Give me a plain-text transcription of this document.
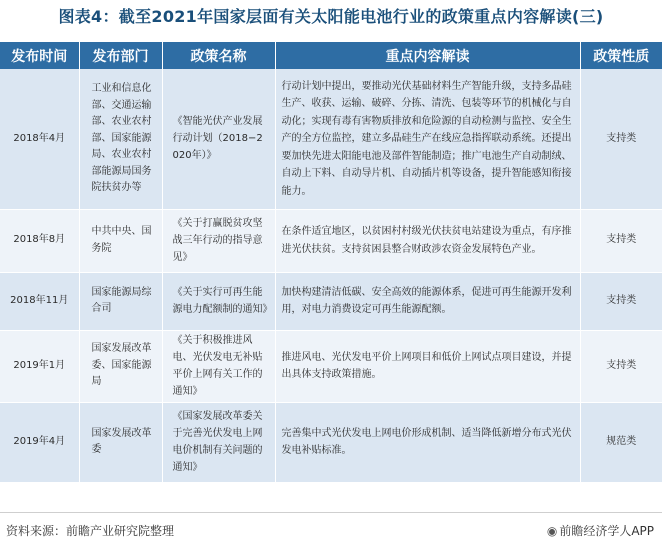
图表4：截至2021年国家层面有关太阳能电池行业的政策重点内容解读(三)
发布时间	发布部门	政策名称	重点内容解读	政策性质
2018年4月	工业和信息化部、交通运输部、农业农村部、国家能源局、农业农村部能源局国务院扶贫办等	《智能光伏产业发展行动计划（2018−2020年）》	行动计划中提出，要推动光伏基础材料生产智能升级，支持多晶硅生产、收获、运输、破碎、分拣、清洗、包装等环节的机械化与自动化；实现有毒有害物质排放和危险源的自动检测与监控、安全生产的全方位监控，建立多晶硅生产在线应急指挥联动系统。还提出要加快先进太阳能电池及部件智能制造；推广电池生产自动制绒、自动上下料、自动导片机、自动插片机等设备，提升智能感知衔接能力。	支持类
2018年8月	中共中央、国务院	《关于打赢脱贫攻坚战三年行动的指导意见》	在条件适宜地区，以贫困村村级光伏扶贫电站建设为重点，有序推进光伏扶贫。支持贫困县整合财政涉农资金发展特色产业。	支持类
2018年11月	国家能源局综合司	《关于实行可再生能源电力配额制的通知》	加快构建清洁低碳、安全高效的能源体系，促进可再生能源开发利用，对电力消费设定可再生能源配额。	支持类
2019年1月	国家发展改革委、国家能源局	《关于积极推进风电、光伏发电无补贴平价上网有关工作的通知》	推进风电、光伏发电平价上网项目和低价上网试点项目建设，并提出具体支持政策措施。	支持类
2019年4月	国家发展改革委	《国家发展改革委关于完善光伏发电上网电价机制有关问题的通知》	完善集中式光伏发电上网电价形成机制、适当降低新增分布式光伏发电补贴标准。	规范类
资料来源：前瞻产业研究院整理	◉ 前瞻经济学人APP
